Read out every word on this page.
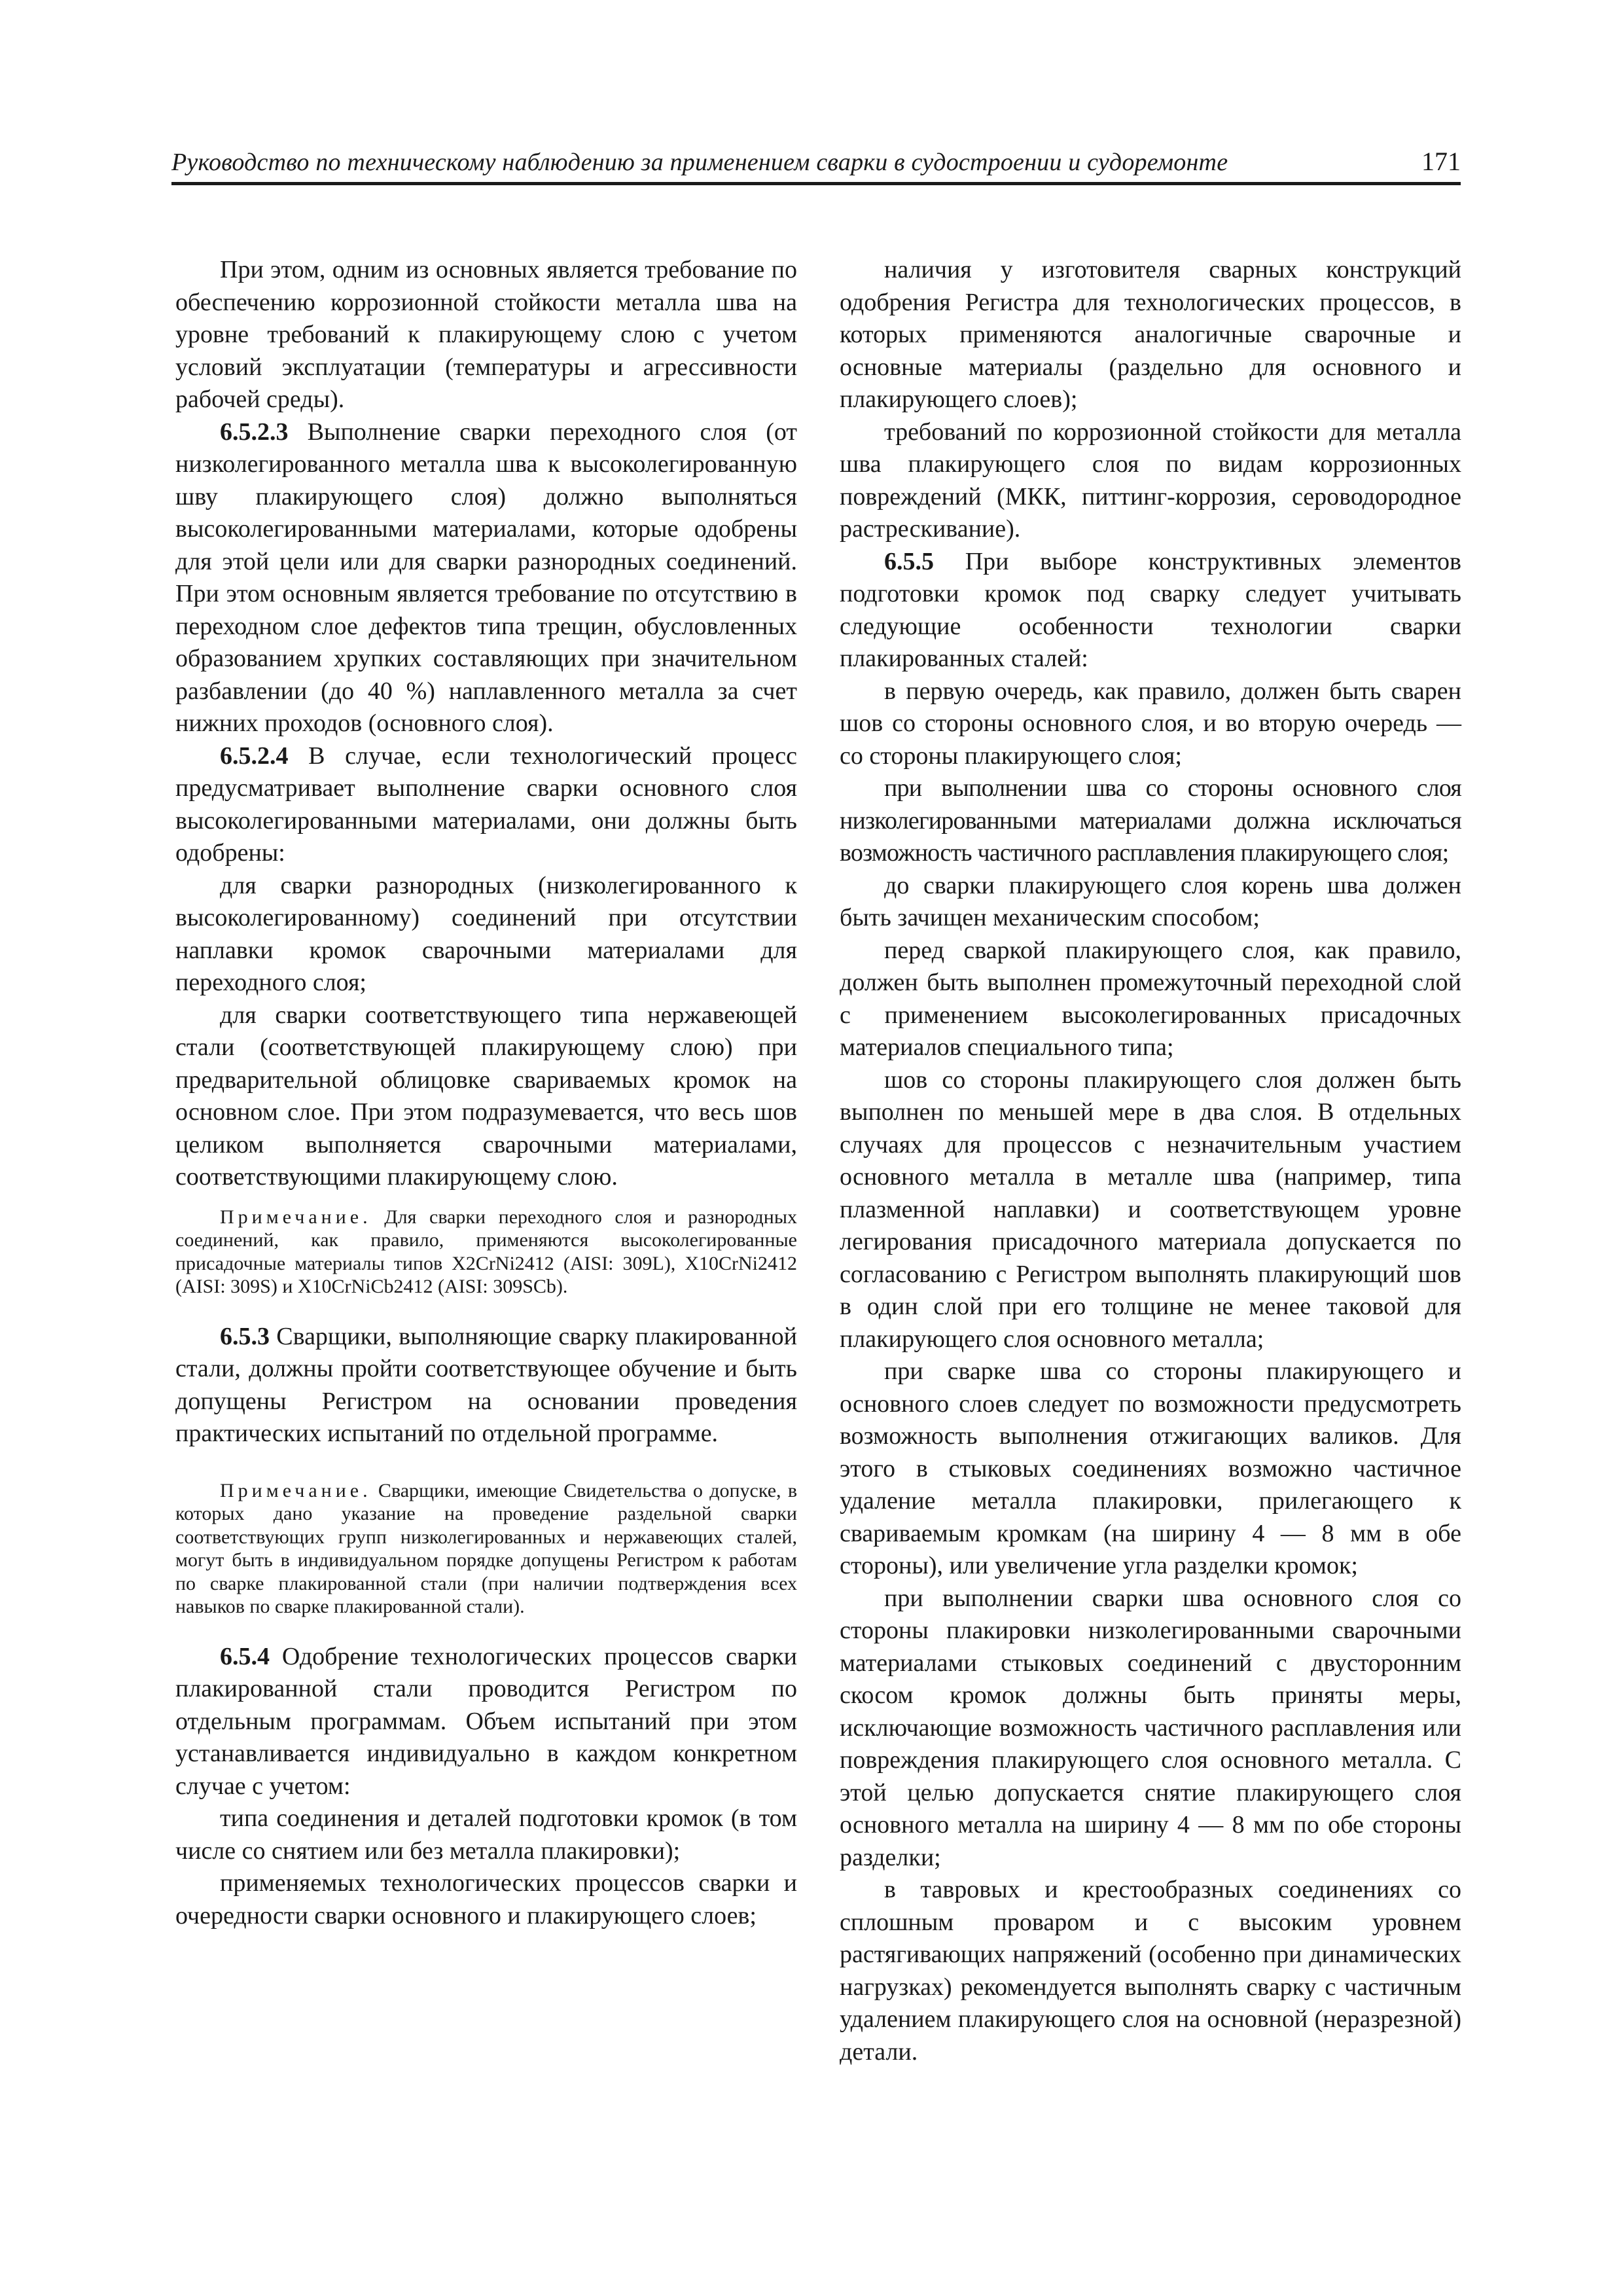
Руководство по техническому наблюдению за применением сварки в судостроении и судоремонте	171

При этом, одним из основных является требование по обеспечению коррозионной стойкости металла шва на уровне требований к плакирующему слою с учетом условий эксплуатации (температуры и агрессивности рабочей среды).

6.5.2.3 Выполнение сварки переходного слоя (от низколегированного металла шва к высоколегированную шву плакирующего слоя) должно выполняться высоколегированными материалами, которые одобрены для этой цели или для сварки разнородных соединений. При этом основным является требование по отсутствию в переходном слое дефектов типа трещин, обусловленных образованием хрупких составляющих при значительном разбавлении (до 40 %) наплавленного металла за счет нижних проходов (основного слоя).

6.5.2.4 В случае, если технологический процесс предусматривает выполнение сварки основного слоя высоколегированными материалами, они должны быть одобрены:

для сварки разнородных (низколегированного к высоколегированному) соединений при отсутствии наплавки кромок сварочными материалами для переходного слоя;

для сварки соответствующего типа нержавеющей стали (соответствующей плакирующему слою) при предварительной облицовке свариваемых кромок на основном слое. При этом подразумевается, что весь шов целиком выполняется сварочными материалами, соответствующими плакирующему слою.

Примечание. Для сварки переходного слоя и разнородных соединений, как правило, применяются высоколегированные присадочные материалы типов X2CrNi2412 (AISI: 309L), X10CrNi2412 (AISI: 309S) и X10CrNiCb2412 (AISI: 309SCb).

6.5.3 Сварщики, выполняющие сварку плакированной стали, должны пройти соответствующее обучение и быть допущены Регистром на основании проведения практических испытаний по отдельной программе.

Примечание. Сварщики, имеющие Свидетельства о допуске, в которых дано указание на проведение раздельной сварки соответствующих групп низколегированных и нержавеющих сталей, могут быть в индивидуальном порядке допущены Регистром к работам по сварке плакированной стали (при наличии подтверждения всех навыков по сварке плакированной стали).

6.5.4 Одобрение технологических процессов сварки плакированной стали проводится Регистром по отдельным программам. Объем испытаний при этом устанавливается индивидуально в каждом конкретном случае с учетом:

типа соединения и деталей подготовки кромок (в том числе со снятием или без металла плакировки);

применяемых технологических процессов сварки и очередности сварки основного и плакирующего слоев;

наличия у изготовителя сварных конструкций одобрения Регистра для технологических процессов, в которых применяются аналогичные сварочные и основные материалы (раздельно для основного и плакирующего слоев);

требований по коррозионной стойкости для металла шва плакирующего слоя по видам коррозионных повреждений (МКК, питтинг-коррозия, сероводородное растрескивание).

6.5.5 При выборе конструктивных элементов подготовки кромок под сварку следует учитывать следующие особенности технологии сварки плакированных сталей:

в первую очередь, как правило, должен быть сварен шов со стороны основного слоя, и во вторую очередь — со стороны плакирующего слоя;

при выполнении шва со стороны основного слоя низколегированными материалами должна исключаться возможность частичного расплавления плакирующего слоя;

до сварки плакирующего слоя корень шва должен быть зачищен механическим способом;

перед сваркой плакирующего слоя, как правило, должен быть выполнен промежуточный переходной слой с применением высоколегированных присадочных материалов специального типа;

шов со стороны плакирующего слоя должен быть выполнен по меньшей мере в два слоя. В отдельных случаях для процессов с незначительным участием основного металла в металле шва (например, типа плазменной наплавки) и соответствующем уровне легирования присадочного материала допускается по согласованию с Регистром выполнять плакирующий шов в один слой при его толщине не менее таковой для плакирующего слоя основного металла;

при сварке шва со стороны плакирующего и основного слоев следует по возможности предусмотреть возможность выполнения отжигающих валиков. Для этого в стыковых соединениях возможно частичное удаление металла плакировки, прилегающего к свариваемым кромкам (на ширину 4 — 8 мм в обе стороны), или увеличение угла разделки кромок;

при выполнении сварки шва основного слоя со стороны плакировки низколегированными сварочными материалами стыковых соединений с двусторонним скосом кромок должны быть приняты меры, исключающие возможность частичного расплавления или повреждения плакирующего слоя основного металла. С этой целью допускается снятие плакирующего слоя основного металла на ширину 4 — 8 мм по обе стороны разделки;

в тавровых и крестообразных соединениях со сплошным проваром и с высоким уровнем растягивающих напряжений (особенно при динамических нагрузках) рекомендуется выполнять сварку с частичным удалением плакирующего слоя на основной (неразрезной) детали.
